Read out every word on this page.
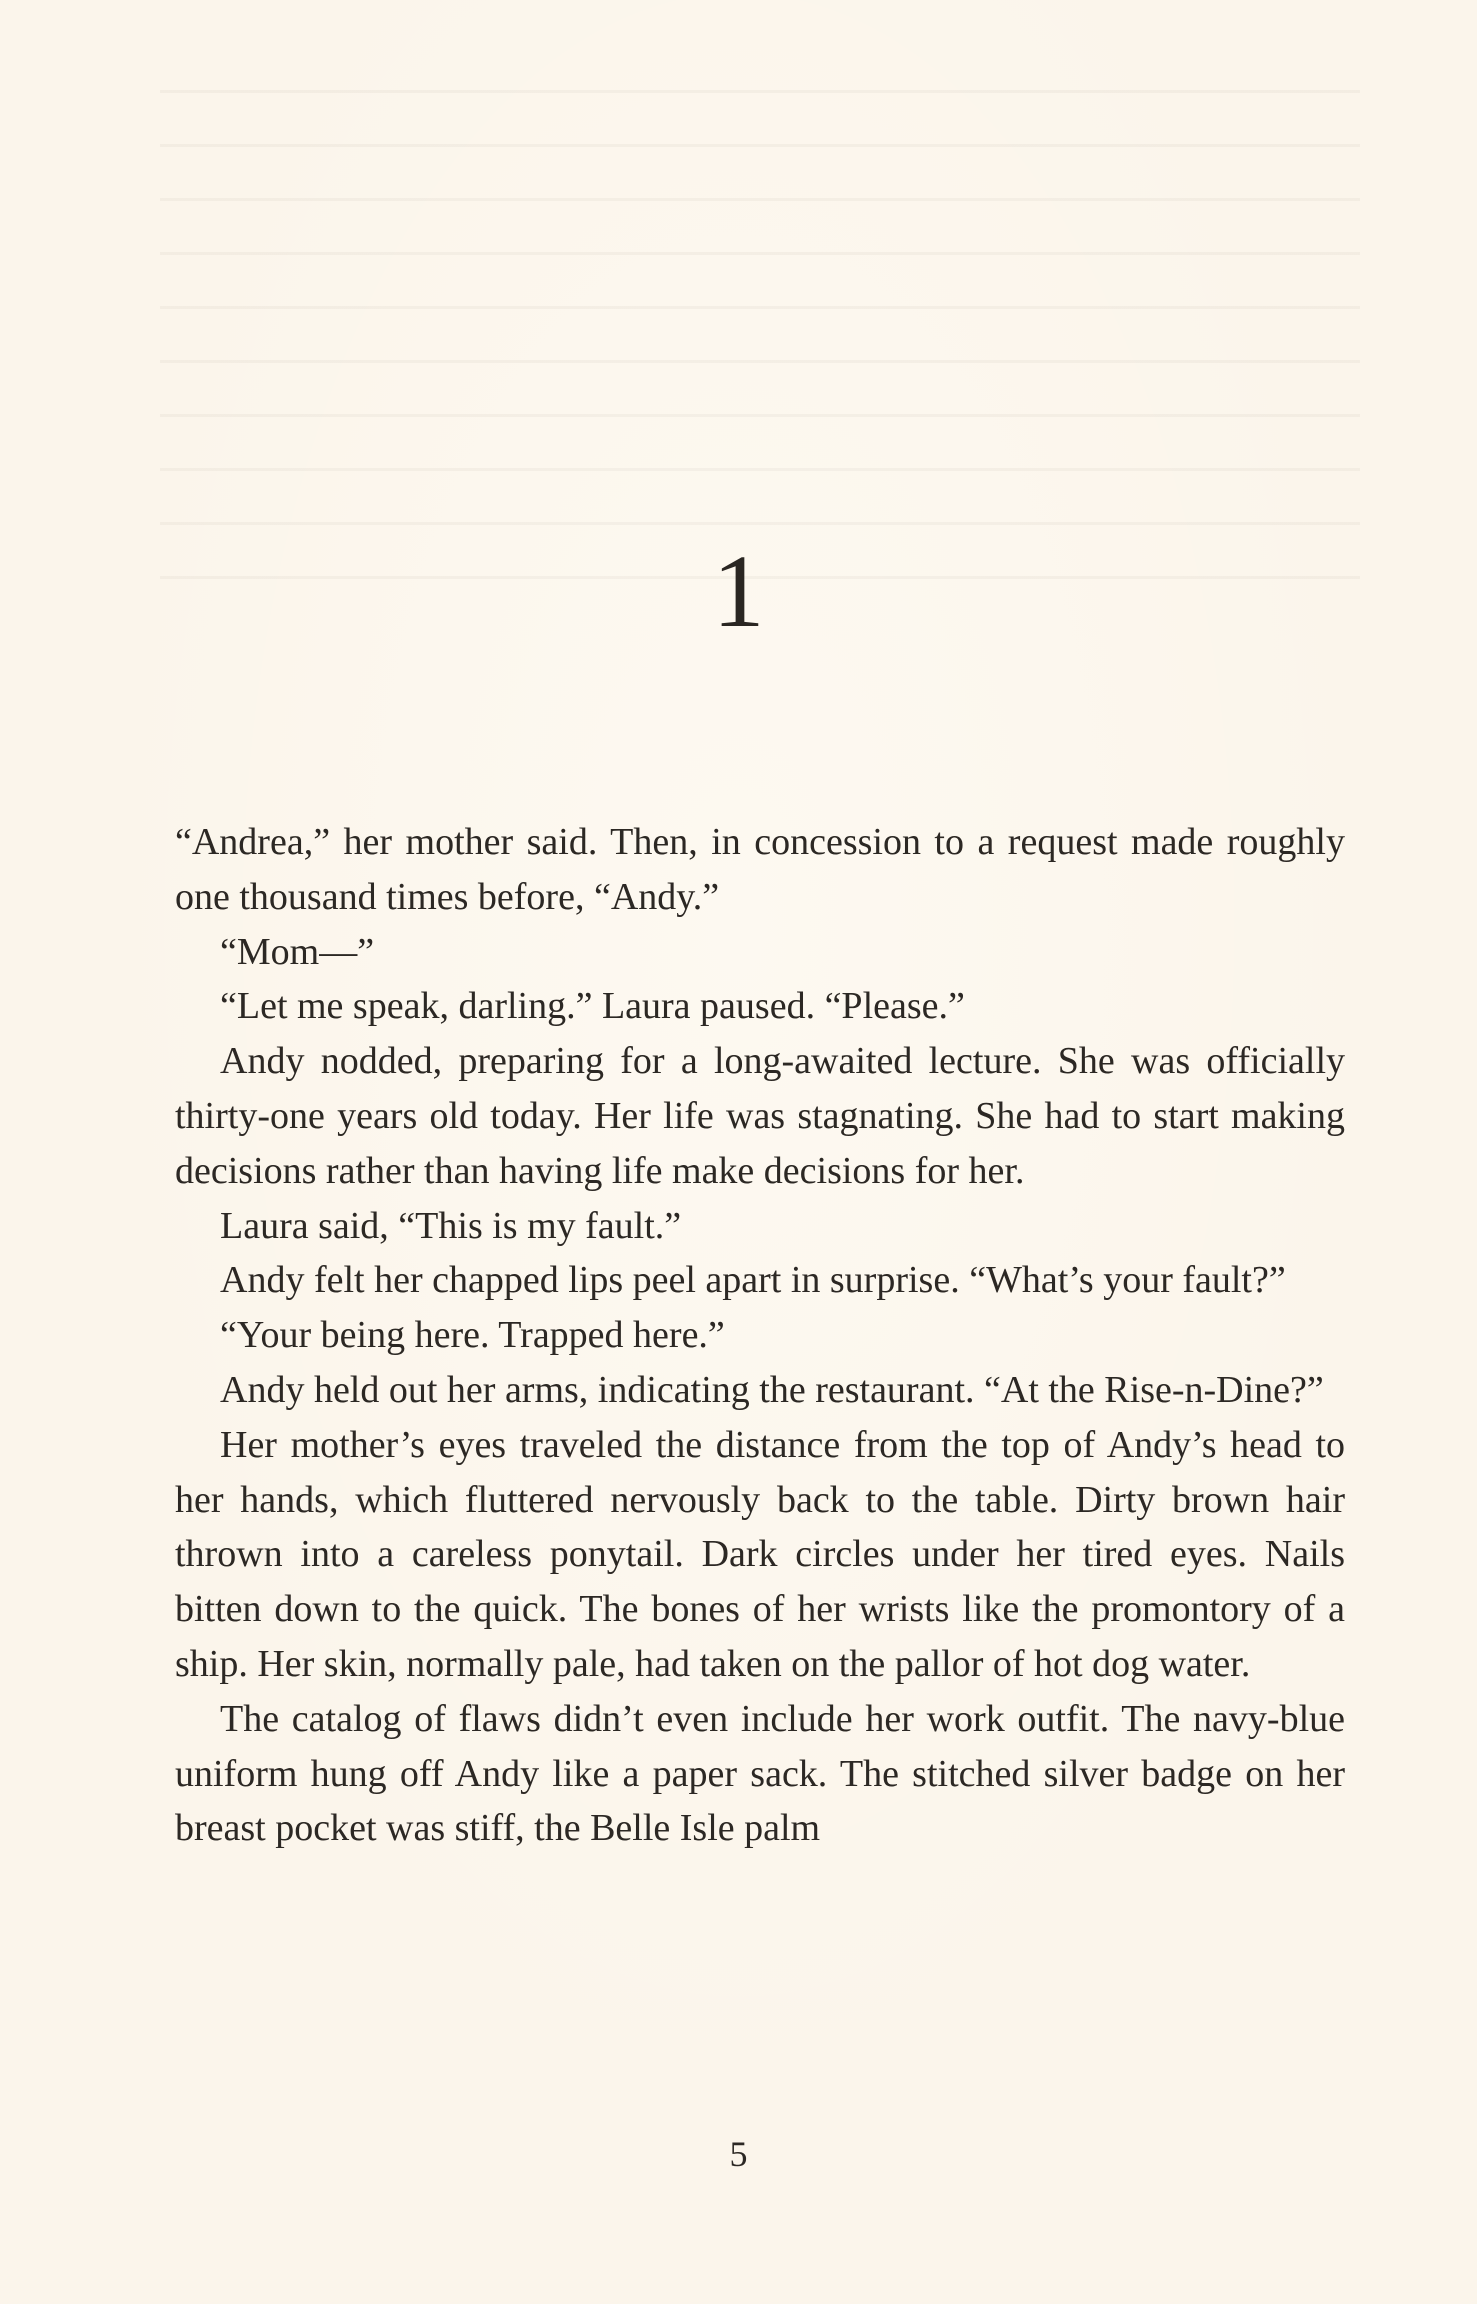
1

“Andrea,” her mother said. Then, in concession to a request made roughly one thousand times before, “Andy.”

“Mom—”

“Let me speak, darling.” Laura paused. “Please.”

Andy nodded, preparing for a long-awaited lecture. She was officially thirty-one years old today. Her life was stagnating. She had to start making decisions rather than having life make decisions for her.

Laura said, “This is my fault.”

Andy felt her chapped lips peel apart in surprise. “What’s your fault?”

“Your being here. Trapped here.”

Andy held out her arms, indicating the restaurant. “At the Rise-n-Dine?”

Her mother’s eyes traveled the distance from the top of Andy’s head to her hands, which fluttered nervously back to the table. Dirty brown hair thrown into a careless ponytail. Dark circles under her tired eyes. Nails bitten down to the quick. The bones of her wrists like the promontory of a ship. Her skin, normally pale, had taken on the pallor of hot dog water.

The catalog of flaws didn’t even include her work outfit. The navy-blue uniform hung off Andy like a paper sack. The stitched silver badge on her breast pocket was stiff, the Belle Isle palm

5
